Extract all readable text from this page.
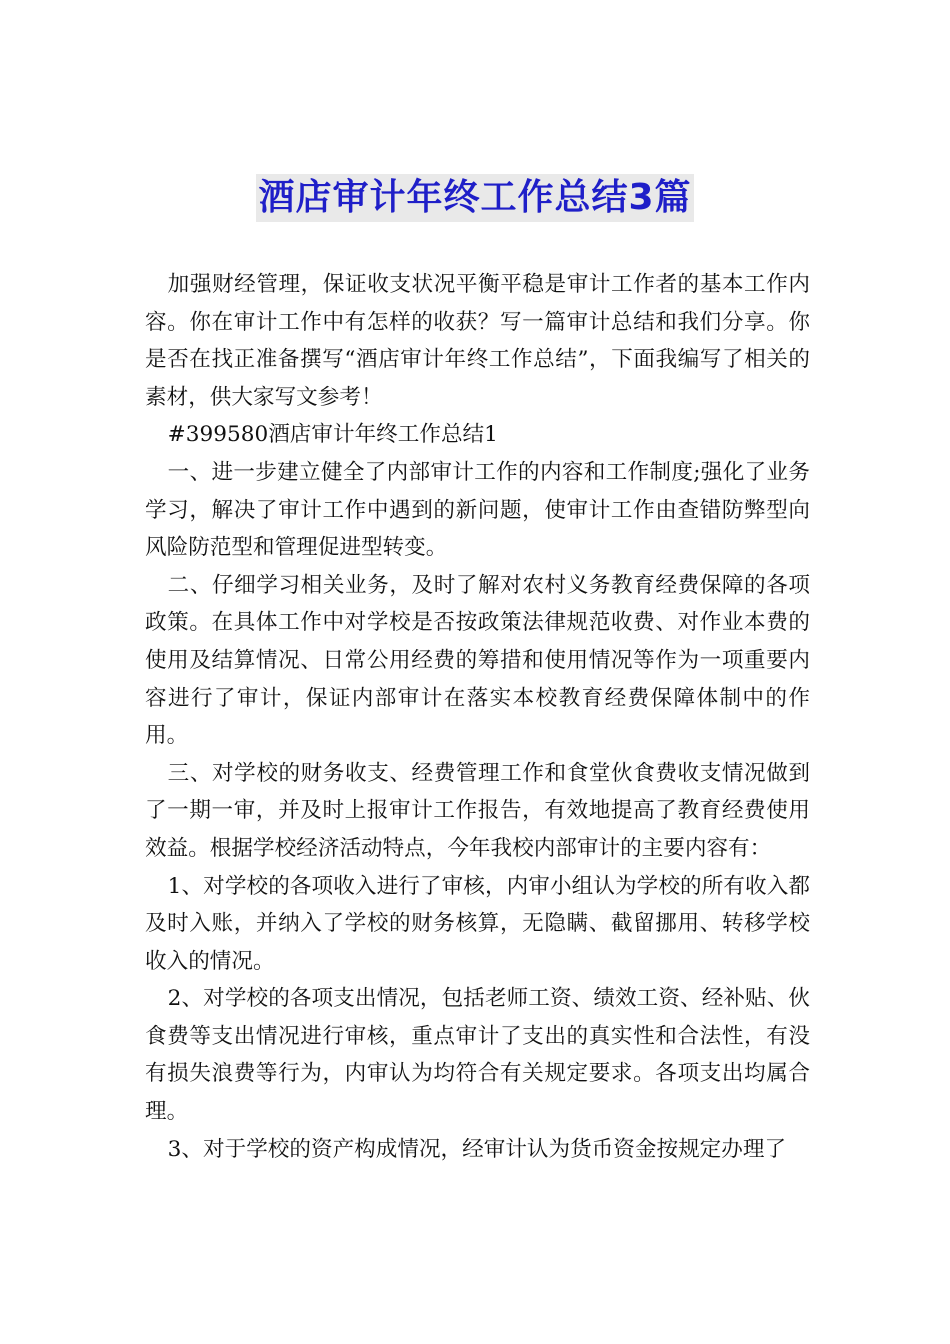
酒店审计年终工作总结3篇

加强财经管理，保证收支状况平衡平稳是审计工作者的基本工作内容。你在审计工作中有怎样的收获？写一篇审计总结和我们分享。你是否在找正准备撰写“酒店审计年终工作总结”，下面我编写了相关的素材，供大家写文参考！

#399580酒店审计年终工作总结1

一、进一步建立健全了内部审计工作的内容和工作制度;强化了业务学习，解决了审计工作中遇到的新问题，使审计工作由查错防弊型向风险防范型和管理促进型转变。

二、仔细学习相关业务，及时了解对农村义务教育经费保障的各项政策。在具体工作中对学校是否按政策法律规范收费、对作业本费的使用及结算情况、日常公用经费的筹措和使用情况等作为一项重要内容进行了审计，保证内部审计在落实本校教育经费保障体制中的作用。

三、对学校的财务收支、经费管理工作和食堂伙食费收支情况做到了一期一审，并及时上报审计工作报告，有效地提高了教育经费使用效益。根据学校经济活动特点，今年我校内部审计的主要内容有：

1、对学校的各项收入进行了审核，内审小组认为学校的所有收入都及时入账，并纳入了学校的财务核算，无隐瞒、截留挪用、转移学校收入的情况。

2、对学校的各项支出情况，包括老师工资、绩效工资、经补贴、伙食费等支出情况进行审核，重点审计了支出的真实性和合法性，有没有损失浪费等行为，内审认为均符合有关规定要求。各项支出均属合理。

3、对于学校的资产构成情况，经审计认为货币资金按规定办理了
